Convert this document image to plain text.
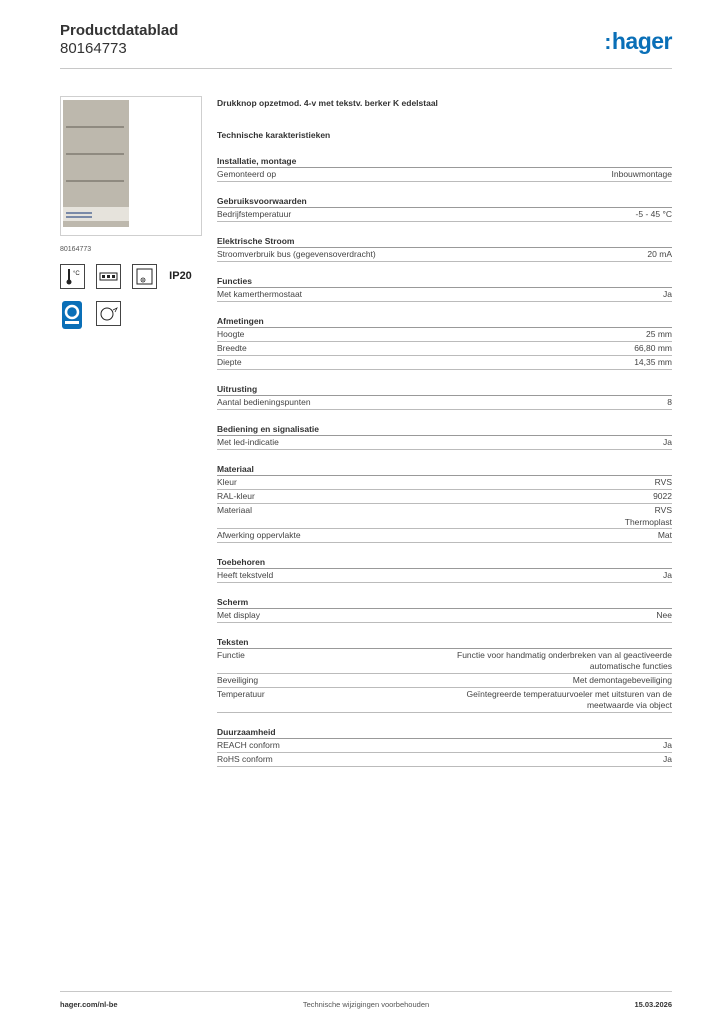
Productdatablad
80164773	:hager
80164773
°C	IP20
Drukknop opzetmod. 4-v met tekstv. berker K edelstaal
Technische karakteristieken
Installatie, montage
Gemonteerd op	Inbouwmontage
Gebruiksvoorwaarden
Bedrijfstemperatuur	-5 - 45 °C
Elektrische Stroom
Stroomverbruik bus (gegevensoverdracht)	20 mA
Functies
Met kamerthermostaat	Ja
Afmetingen
Hoogte	25 mm
Breedte	66,80 mm
Diepte	14,35 mm
Uitrusting
Aantal bedieningspunten	8
Bediening en signalisatie
Met led-indicatie	Ja
Materiaal
Kleur	RVS
RAL-kleur	9022
Materiaal	RVS
Thermoplast
Afwerking oppervlakte	Mat
Toebehoren
Heeft tekstveld	Ja
Scherm
Met display	Nee
Teksten
Functie	Functie voor handmatig onderbreken van al geactiveerde automatische functies
Beveiliging	Met demontagebeveiliging
Temperatuur	Geïntegreerde temperatuurvoeler met uitsturen van de meetwaarde via object
Duurzaamheid
REACH conform	Ja
RoHS conform	Ja
hager.com/nl-be	Technische wijzigingen voorbehouden	15.03.2026
